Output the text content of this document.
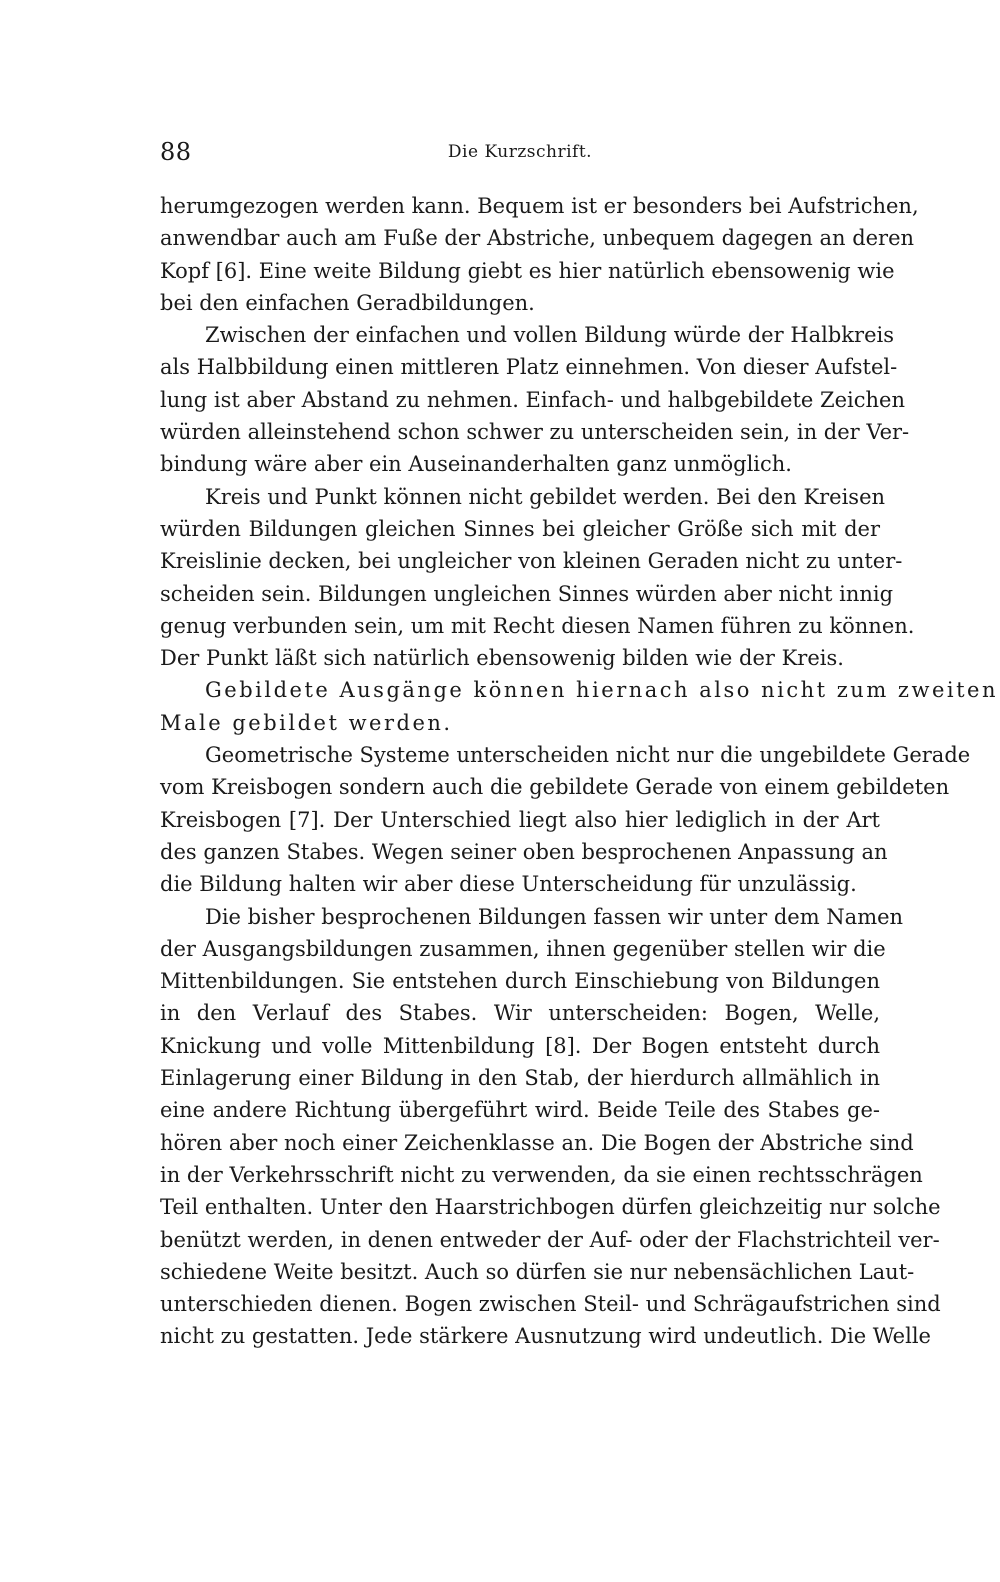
88	Die Kurzschrift.
herumgezogen werden kann. Bequem ist er besonders bei Aufstrichen,
anwendbar auch am Fuße der Abstriche, unbequem dagegen an deren
Kopf [6]. Eine weite Bildung giebt es hier natürlich ebensowenig wie
bei den einfachen Geradbildungen.
Zwischen der einfachen und vollen Bildung würde der Halbkreis
als Halbbildung einen mittleren Platz einnehmen. Von dieser Aufstel-
lung ist aber Abstand zu nehmen. Einfach- und halbgebildete Zeichen
würden alleinstehend schon schwer zu unterscheiden sein, in der Ver-
bindung wäre aber ein Auseinanderhalten ganz unmöglich.
Kreis und Punkt können nicht gebildet werden. Bei den Kreisen
würden Bildungen gleichen Sinnes bei gleicher Größe sich mit der
Kreislinie decken, bei ungleicher von kleinen Geraden nicht zu unter-
scheiden sein. Bildungen ungleichen Sinnes würden aber nicht innig
genug verbunden sein, um mit Recht diesen Namen führen zu können.
Der Punkt läßt sich natürlich ebensowenig bilden wie der Kreis.
Gebildete Ausgänge können hiernach also nicht zum zweiten
Male gebildet werden.
Geometrische Systeme unterscheiden nicht nur die ungebildete Gerade
vom Kreisbogen sondern auch die gebildete Gerade von einem gebildeten
Kreisbogen [7]. Der Unterschied liegt also hier lediglich in der Art
des ganzen Stabes. Wegen seiner oben besprochenen Anpassung an
die Bildung halten wir aber diese Unterscheidung für unzulässig.
Die bisher besprochenen Bildungen fassen wir unter dem Namen
der Ausgangsbildungen zusammen, ihnen gegenüber stellen wir die
Mittenbildungen. Sie entstehen durch Einschiebung von Bildungen
in den Verlauf des Stabes. Wir unterscheiden: Bogen, Welle,
Knickung und volle Mittenbildung [8]. Der Bogen entsteht durch
Einlagerung einer Bildung in den Stab, der hierdurch allmählich in
eine andere Richtung übergeführt wird. Beide Teile des Stabes ge-
hören aber noch einer Zeichenklasse an. Die Bogen der Abstriche sind
in der Verkehrsschrift nicht zu verwenden, da sie einen rechtsschrägen
Teil enthalten. Unter den Haarstrichbogen dürfen gleichzeitig nur solche
benützt werden, in denen entweder der Auf- oder der Flachstrichteil ver-
schiedene Weite besitzt. Auch so dürfen sie nur nebensächlichen Laut-
unterschieden dienen. Bogen zwischen Steil- und Schrägaufstrichen sind
nicht zu gestatten. Jede stärkere Ausnutzung wird undeutlich. Die Welle
